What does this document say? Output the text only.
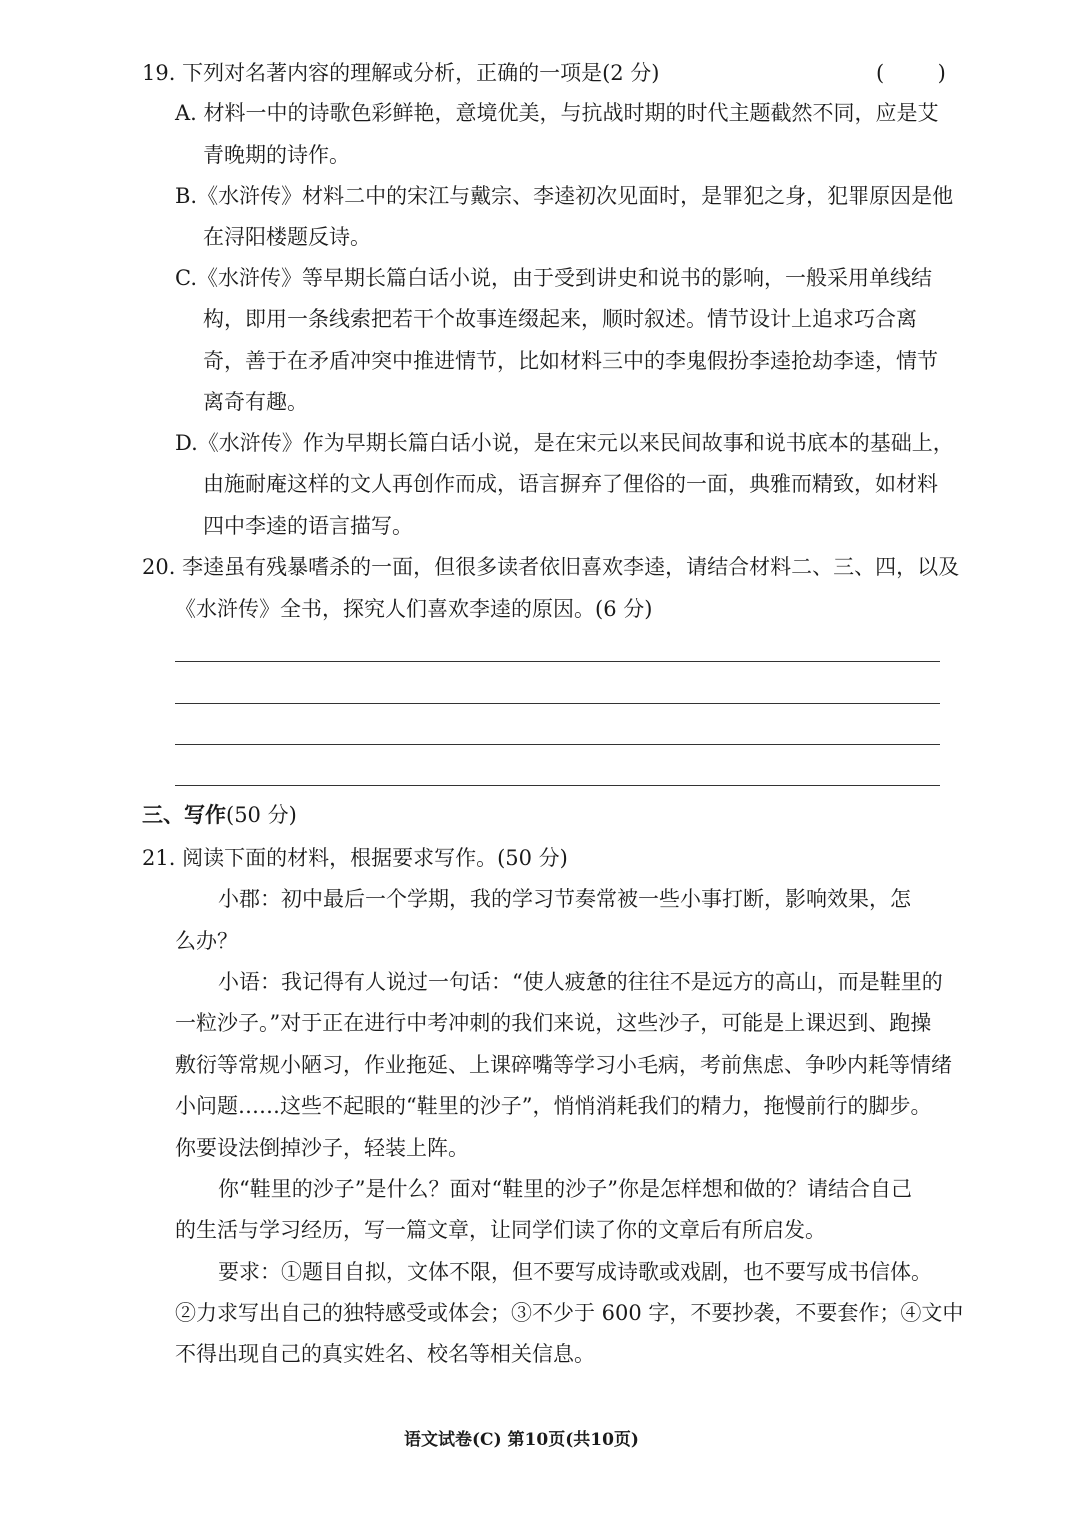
19. 下列对名著内容的理解或分析，正确的一项是(2 分)	(        )
A. 材料一中的诗歌色彩鲜艳，意境优美，与抗战时期的时代主题截然不同，应是艾
青晚期的诗作。
B.《水浒传》材料二中的宋江与戴宗、李逵初次见面时，是罪犯之身，犯罪原因是他
在浔阳楼题反诗。
C.《水浒传》等早期长篇白话小说，由于受到讲史和说书的影响，一般采用单线结
构，即用一条线索把若干个故事连缀起来，顺时叙述。情节设计上追求巧合离
奇，善于在矛盾冲突中推进情节，比如材料三中的李鬼假扮李逵抢劫李逵，情节
离奇有趣。
D.《水浒传》作为早期长篇白话小说，是在宋元以来民间故事和说书底本的基础上，
由施耐庵这样的文人再创作而成，语言摒弃了俚俗的一面，典雅而精致，如材料
四中李逵的语言描写。
20. 李逵虽有残暴嗜杀的一面，但很多读者依旧喜欢李逵，请结合材料二、三、四，以及
《水浒传》全书，探究人们喜欢李逵的原因。(6 分)
三、写作(50 分)
21. 阅读下面的材料，根据要求写作。(50 分)
小郡：初中最后一个学期，我的学习节奏常被一些小事打断，影响效果，怎
么办？
小语：我记得有人说过一句话：“使人疲惫的往往不是远方的高山，而是鞋里的
一粒沙子。”对于正在进行中考冲刺的我们来说，这些沙子，可能是上课迟到、跑操
敷衍等常规小陋习，作业拖延、上课碎嘴等学习小毛病，考前焦虑、争吵内耗等情绪
小问题……这些不起眼的“鞋里的沙子”，悄悄消耗我们的精力，拖慢前行的脚步。
你要设法倒掉沙子，轻装上阵。
你“鞋里的沙子”是什么？面对“鞋里的沙子”你是怎样想和做的？请结合自己
的生活与学习经历，写一篇文章，让同学们读了你的文章后有所启发。
要求：①题目自拟，文体不限，但不要写成诗歌或戏剧，也不要写成书信体。
②力求写出自己的独特感受或体会；③不少于 600 字，不要抄袭，不要套作；④文中
不得出现自己的真实姓名、校名等相关信息。
语文试卷(C) 第10页(共10页)
